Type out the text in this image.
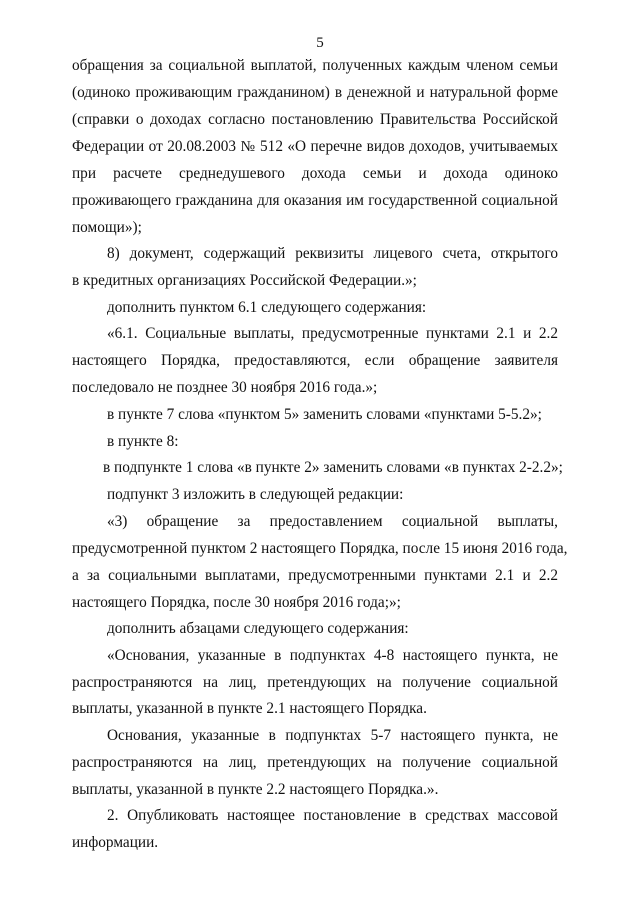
5
обращения за социальной выплатой, полученных каждым членом семьи
(одиноко проживающим гражданином) в денежной и натуральной форме
(справки о доходах согласно постановлению Правительства Российской
Федерации от 20.08.2003 № 512 «О перечне видов доходов, учитываемых
при расчете среднедушевого дохода семьи и дохода одиноко
проживающего гражданина для оказания им государственной социальной
помощи»);
8) документ, содержащий реквизиты лицевого счета, открытого
в кредитных организациях Российской Федерации.»;
дополнить пунктом 6.1 следующего содержания:
«6.1. Социальные выплаты, предусмотренные пунктами 2.1 и 2.2
настоящего Порядка, предоставляются, если обращение заявителя
последовало не позднее 30 ноября 2016 года.»;
в пункте 7 слова «пунктом 5» заменить словами «пунктами 5-5.2»;
в пункте 8:
в подпункте 1 слова «в пункте 2» заменить словами «в пунктах 2-2.2»;
подпункт 3 изложить в следующей редакции:
«3) обращение за предоставлением социальной выплаты,
предусмотренной пунктом 2 настоящего Порядка, после 15 июня 2016 года,
а за социальными выплатами, предусмотренными пунктами 2.1 и 2.2
настоящего Порядка, после 30 ноября 2016 года;»;
дополнить абзацами следующего содержания:
«Основания, указанные в подпунктах 4-8 настоящего пункта, не
распространяются на лиц, претендующих на получение социальной
выплаты, указанной в пункте 2.1 настоящего Порядка.
Основания, указанные в подпунктах 5-7 настоящего пункта, не
распространяются на лиц, претендующих на получение социальной
выплаты, указанной в пункте 2.2 настоящего Порядка.».
2. Опубликовать настоящее постановление в средствах массовой
информации.
